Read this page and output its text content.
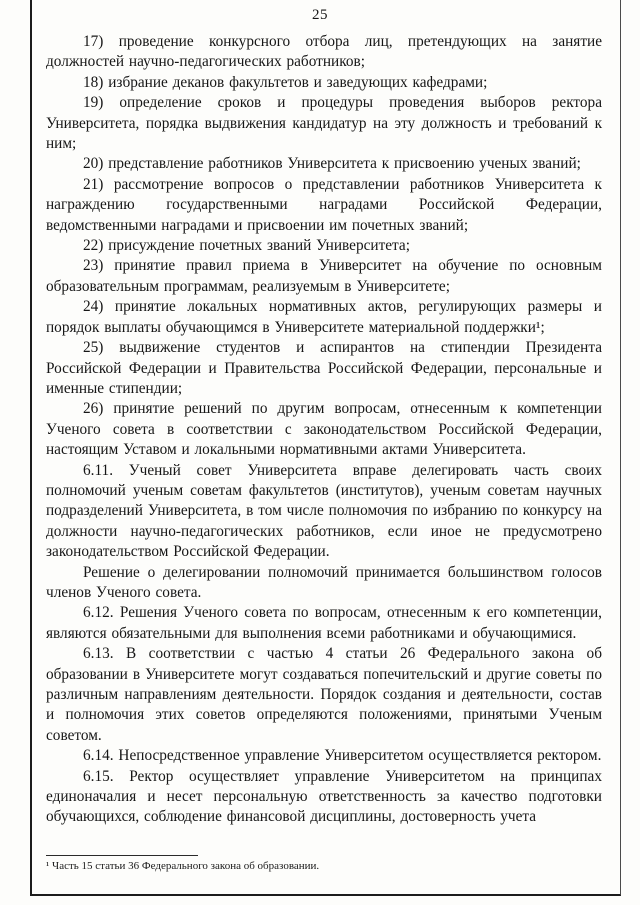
25

17) проведение конкурсного отбора лиц, претендующих на занятие должностей научно-педагогических работников;

18) избрание деканов факультетов и заведующих кафедрами;

19) определение сроков и процедуры проведения выборов ректора Университета, порядка выдвижения кандидатур на эту должность и требований к ним;

20) представление работников Университета к присвоению ученых званий;

21) рассмотрение вопросов о представлении работников Университета к награждению государственными наградами Российской Федерации, ведомственными наградами и присвоении им почетных званий;

22) присуждение почетных званий Университета;

23) принятие правил приема в Университет на обучение по основным образовательным программам, реализуемым в Университете;

24) принятие локальных нормативных актов, регулирующих размеры и порядок выплаты обучающимся в Университете материальной поддержки¹;

25) выдвижение студентов и аспирантов на стипендии Президента Российской Федерации и Правительства Российской Федерации, персональные и именные стипендии;

26) принятие решений по другим вопросам, отнесенным к компетенции Ученого совета в соответствии с законодательством Российской Федерации, настоящим Уставом и локальными нормативными актами Университета.

6.11. Ученый совет Университета вправе делегировать часть своих полномочий ученым советам факультетов (институтов), ученым советам научных подразделений Университета, в том числе полномочия по избранию по конкурсу на должности научно-педагогических работников, если иное не предусмотрено законодательством Российской Федерации.

Решение о делегировании полномочий принимается большинством голосов членов Ученого совета.

6.12. Решения Ученого совета по вопросам, отнесенным к его компетенции, являются обязательными для выполнения всеми работниками и обучающимися.

6.13. В соответствии с частью 4 статьи 26 Федерального закона об образовании в Университете могут создаваться попечительский и другие советы по различным направлениям деятельности. Порядок создания и деятельности, состав и полномочия этих советов определяются положениями, принятыми Ученым советом.

6.14. Непосредственное управление Университетом осуществляется ректором.

6.15. Ректор осуществляет управление Университетом на принципах единоначалия и несет персональную ответственность за качество подготовки обучающихся, соблюдение финансовой дисциплины, достоверность учета

¹ Часть 15 статьи 36 Федерального закона об образовании.
